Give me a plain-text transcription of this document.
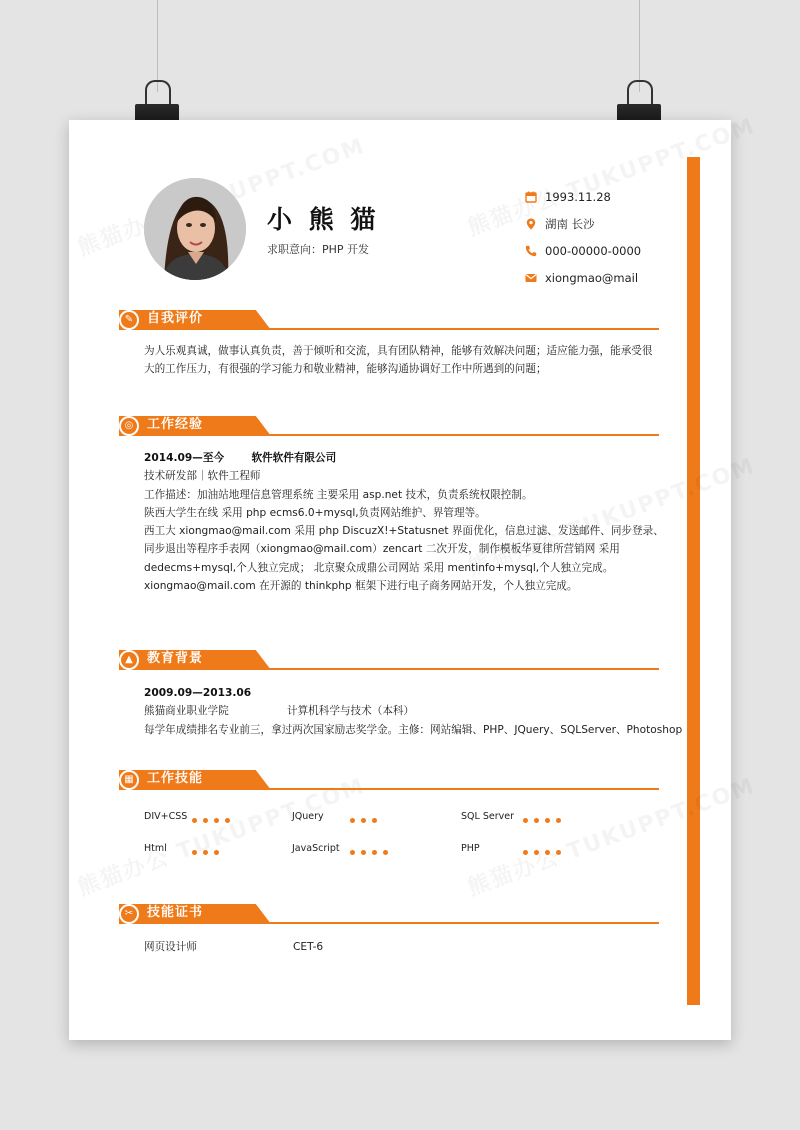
小 熊 猫
求职意向：PHP 开发
1993.11.28
湖南 长沙
000-00000-0000
xiongmao@mail
✎ 自我评价
为人乐观真诚，做事认真负责，善于倾听和交流，具有团队精神，能够有效解决问题；适应能力强，能承受很
大的工作压力，有很强的学习能力和敬业精神，能够沟通协调好工作中所遇到的问题；
◎ 工作经验
2014.09—至今	软件软件有限公司
技术研发部｜软件工程师
工作描述：加油站地理信息管理系统 主要采用 asp.net 技术，负责系统权限控制。
陕西大学生在线 采用 php ecms6.0+mysql,负责网站维护、界管理等。
西工大 xiongmao@mail.com 采用 php DiscuzX!+Statusnet 界面优化，信息过滤、发送邮件、同步登录、
同步退出等程序手表网（xiongmao@mail.com）zencart 二次开发，制作模板华夏律所营销网 采用
dedecms+mysql,个人独立完成； 北京聚众成鼎公司网站 采用 mentinfo+mysql,个人独立完成。
xiongmao@mail.com 在开源的 thinkphp 框架下进行电子商务网站开发，个人独立完成。
▲	教育背景
2009.09—2013.06
熊猫商业职业学院	计算机科学与技术（本科）
每学年成绩排名专业前三，拿过两次国家励志奖学金。主修：网站编辑、PHP、JQuery、SQLServer、Photoshop
▦ 工作技能
✂ 技能证书
网页设计师	CET-6
DIV+CSS	JQuery	SQL Server
Html	JavaScript	PHP
